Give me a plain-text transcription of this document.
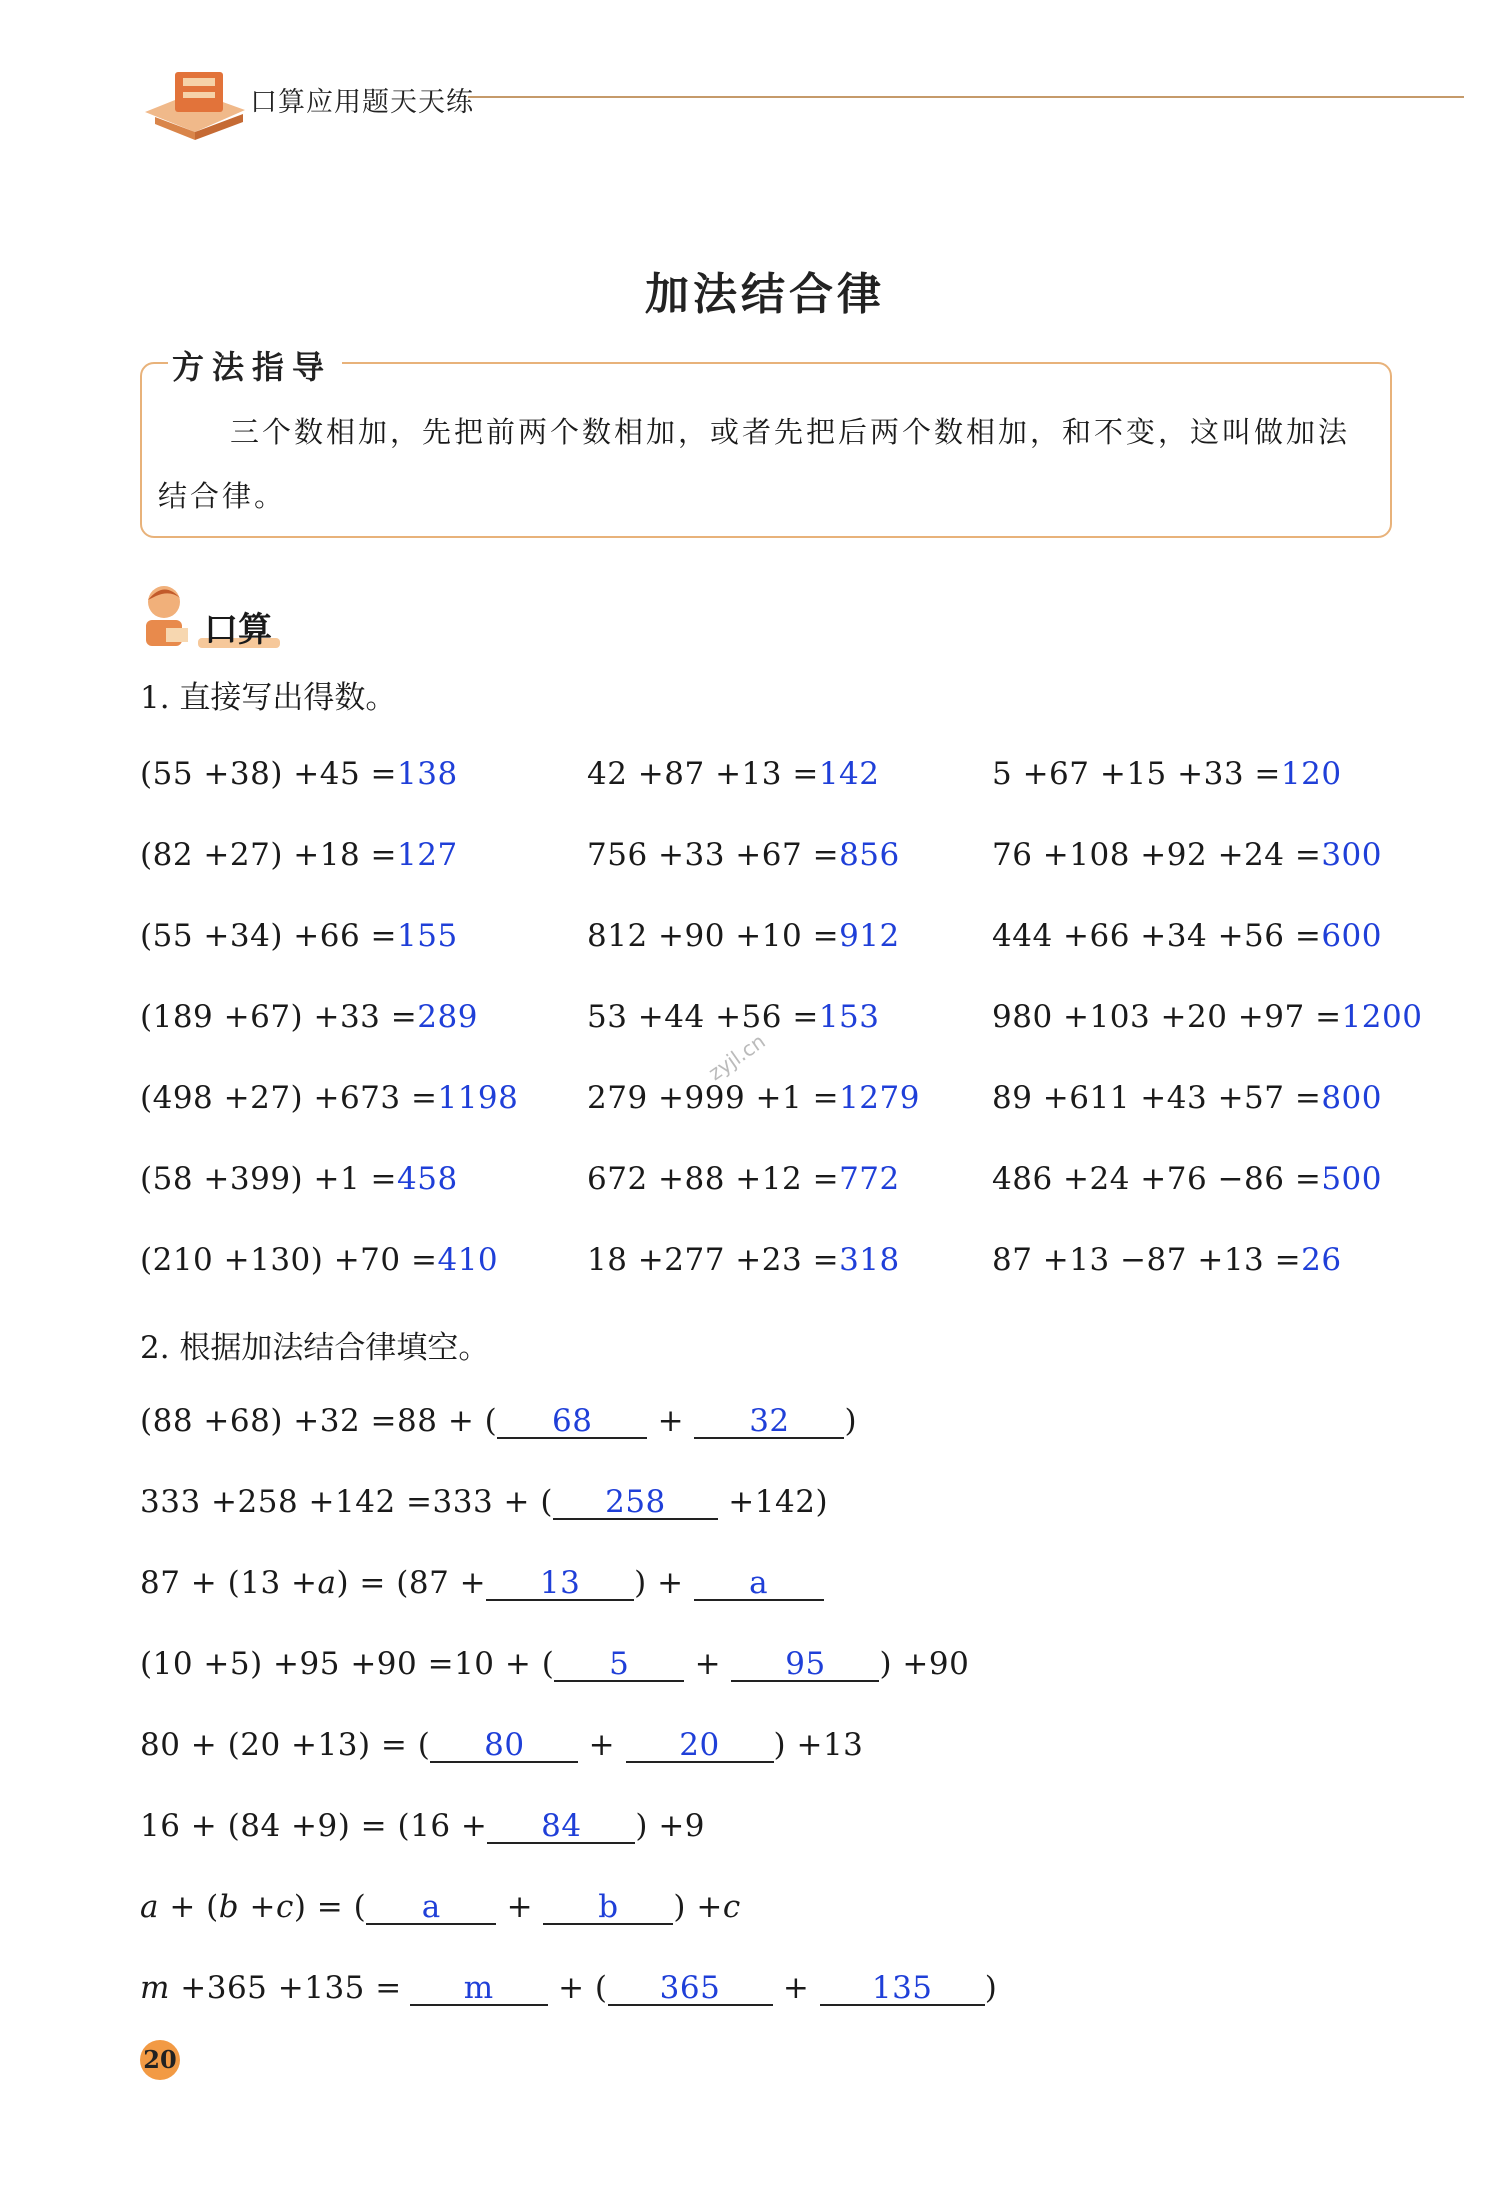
口算应用题天天练
加法结合律
方法指导
三个数相加，先把前两个数相加，或者先把后两个数相加，和不变，这叫做加法结合律。
口算
1. 直接写出得数。
(55 +38) +45 =138
(82 +27) +18 =127
(55 +34) +66 =155
(189 +67) +33 =289
(498 +27) +673 =1198
(58 +399) +1 =458
(210 +130) +70 =410
42 +87 +13 =142
756 +33 +67 =856
812 +90 +10 =912
53 +44 +56 =153
279 +999 +1 =1279
672 +88 +12 =772
18 +277 +23 =318
5 +67 +15 +33 =120
76 +108 +92 +24 =300
444 +66 +34 +56 =600
980 +103 +20 +97 =1200
89 +611 +43 +57 =800
486 +24 +76 −86 =500
87 +13 −87 +13 =26
zyjl.cn
2. 根据加法结合律填空。
(88 +68) +32 =88 + ( 68 + 32 )
333 +258 +142 =333 + ( 258 +142)
87 + (13 +a) = (87 + 13 ) + a
(10 +5) +95 +90 =10 + ( 5 + 95 ) +90
80 + (20 +13) = ( 80 + 20 ) +13
16 + (84 +9) = (16 + 84 ) +9
a + (b +c) = ( a + b ) +c
m +365 +135 = m + ( 365 + 135 )
20
